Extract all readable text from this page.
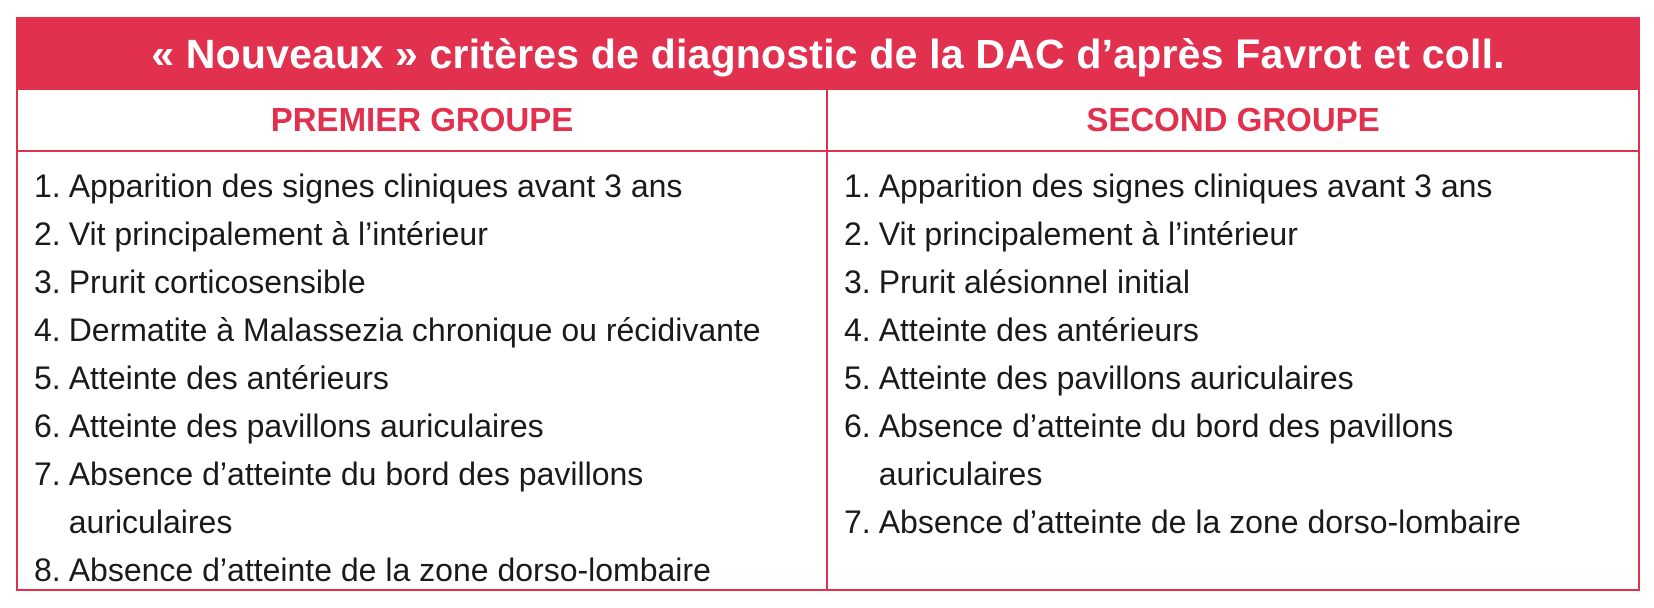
« Nouveaux » critères de diagnostic de la DAC d’après Favrot et coll.
PREMIER GROUPE	SECOND GROUPE
1. Apparition des signes cliniques avant 3 ans
2. Vit principalement à l’intérieur
3. Prurit corticosensible
4. Dermatite à Malassezia chronique ou récidivante
5. Atteinte des antérieurs
6. Atteinte des pavillons auriculaires
7. Absence d’atteinte du bord des pavillons auriculaires
8. Absence d’atteinte de la zone dorso-lombaire
1. Apparition des signes cliniques avant 3 ans
2. Vit principalement à l’intérieur
3. Prurit alésionnel initial
4. Atteinte des antérieurs
5. Atteinte des pavillons auriculaires
6. Absence d’atteinte du bord des pavillons auriculaires
7. Absence d’atteinte de la zone dorso-lombaire
